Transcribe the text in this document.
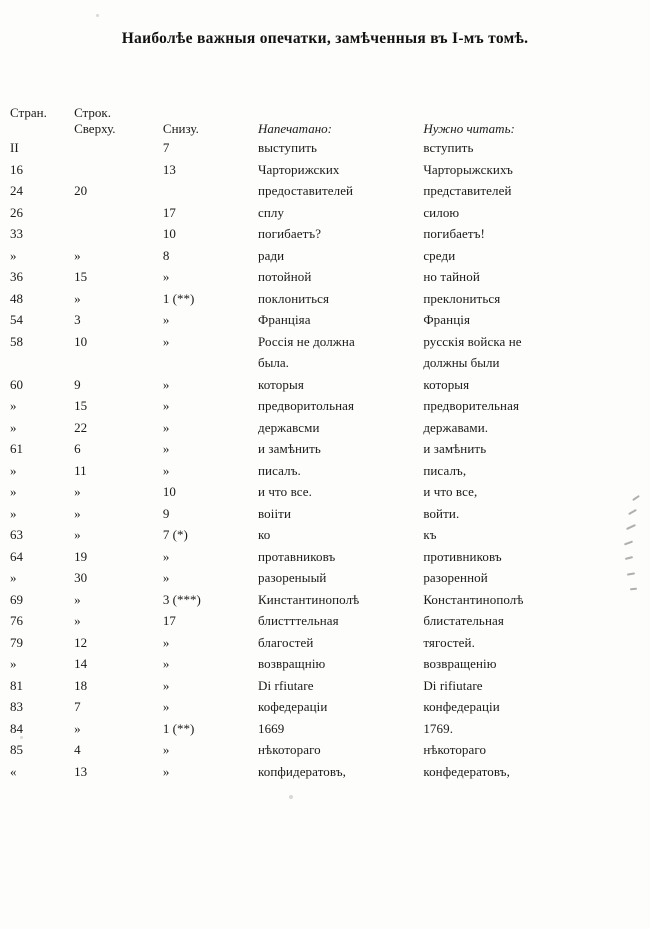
Наиболѣе важныя опечатки, замѣченныя въ I-мъ томѣ.
Стран.	Строк.			
	Сверху.	Снизу.	Напечатано:	Нужно читать:
II		7	выступить	вступить
16		13	Чарторижских	Чарторыжскихъ
24	20		предоставителей	представителей
26		17	сплу	силою
33		10	погибаетъ?	погибаетъ!
»	»	8	ради	среди
36	15	»	потойной	но тайной
48	»	1 (**)	поклониться	преклониться
54	3	»	Франціяа	Франція
58	10	»	Россія не должна	русскія войска не
			была.	должны были
60	9	»	которыя	которыя
»	15	»	предворитольная	предворительная
»	22	»	державсми	державами.
61	6	»	и замѣнить	и замѣнить
»	11	»	писалъ.	писалъ,
»	»	10	и что все.	и что все,
»	»	9	воііти	войти.
63	»	7 (*)	ко	къ
64	19	»	протавниковъ	противниковъ
»	30	»	разореныый	разоренной
69	»	3 (***)	Кинстантинополѣ	Константинополѣ
76	»	17	блистттельная	блистательная
79	12	»	благостей	тягостей.
»	14	»	возвращнію	возвращенію
81	18	»	Di rfiutare	Di rifiutare
83	7	»	кофедераціи	конфедераціи
84	»	1 (**)	1669	1769.
85	4	»	нѣкотораго	нѣкотораго
«	13	»	копфидератовъ,	конфедератовъ,
